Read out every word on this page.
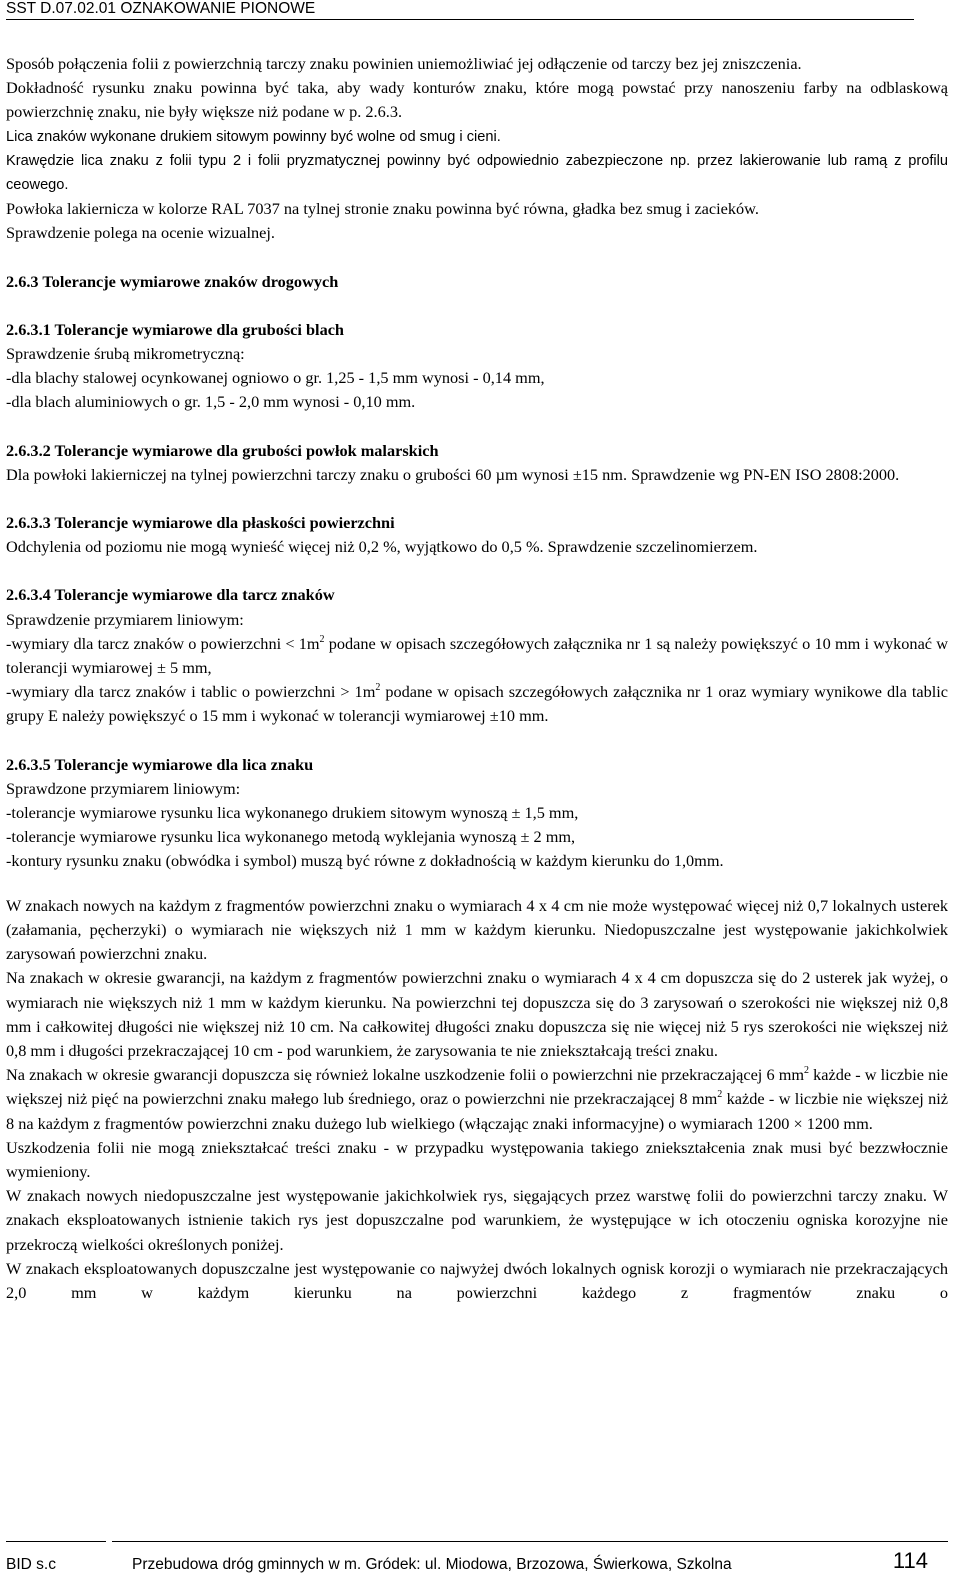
SST D.07.02.01 OZNAKOWANIE PIONOWE

Sposób połączenia folii z powierzchnią tarczy znaku powinien uniemożliwiać jej odłączenie od tarczy bez jej zniszczenia.

Dokładność rysunku znaku powinna być taka, aby wady konturów znaku, które mogą powstać przy nanoszeniu farby na odblaskową powierzchnię znaku, nie były większe niż podane w p. 2.6.3.

Lica znaków wykonane drukiem sitowym powinny być wolne od smug i cieni.

Krawędzie lica znaku z folii typu 2 i folii pryzmatycznej powinny być odpowiednio zabezpieczone np. przez lakierowanie lub ramą z profilu ceowego.

Powłoka lakiernicza w kolorze RAL 7037 na tylnej stronie znaku powinna być równa, gładka bez smug i zacieków.

Sprawdzenie polega na ocenie wizualnej.

2.6.3 Tolerancje wymiarowe znaków drogowych

2.6.3.1 Tolerancje wymiarowe dla grubości blach

Sprawdzenie śrubą mikrometryczną:

-dla blachy stalowej ocynkowanej ogniowo o gr. 1,25 - 1,5 mm wynosi - 0,14 mm,

-dla blach aluminiowych o gr. 1,5 - 2,0 mm wynosi - 0,10 mm.

2.6.3.2 Tolerancje wymiarowe dla grubości powłok malarskich

Dla powłoki lakierniczej na tylnej powierzchni tarczy znaku o grubości 60 µm wynosi ±15 nm. Sprawdzenie wg PN-EN ISO 2808:2000.

2.6.3.3 Tolerancje wymiarowe dla płaskości powierzchni

Odchylenia od poziomu nie mogą wynieść więcej niż 0,2 %, wyjątkowo do 0,5 %. Sprawdzenie szczelinomierzem.

2.6.3.4 Tolerancje wymiarowe dla tarcz znaków

Sprawdzenie przymiarem liniowym:

-wymiary dla tarcz znaków o powierzchni < $1m^2$ podane w opisach szczegółowych załącznika nr 1 są należy powiększyć o 10 mm i wykonać w tolerancji wymiarowej ± 5 mm,

-wymiary dla tarcz znaków i tablic o powierzchni > $1m^2$ podane w opisach szczegółowych załącznika nr 1 oraz wymiary wynikowe dla tablic grupy E należy powiększyć o 15 mm i wykonać w tolerancji wymiarowej ±10 mm.

2.6.3.5 Tolerancje wymiarowe dla lica znaku

Sprawdzone przymiarem liniowym:

-tolerancje wymiarowe rysunku lica wykonanego drukiem sitowym wynoszą ± 1,5 mm,

-tolerancje wymiarowe rysunku lica wykonanego metodą wyklejania wynoszą ± 2 mm,

-kontury rysunku znaku (obwódka i symbol) muszą być równe z dokładnością w każdym kierunku do 1,0mm.

W znakach nowych na każdym z fragmentów powierzchni znaku o wymiarach 4 x 4 cm nie może występować więcej niż 0,7 lokalnych usterek (załamania, pęcherzyki) o wymiarach nie większych niż 1 mm w każdym kierunku. Niedopuszczalne jest występowanie jakichkolwiek zarysowań powierzchni znaku.

Na znakach w okresie gwarancji, na każdym z fragmentów powierzchni znaku o wymiarach 4 x 4 cm dopuszcza się do 2 usterek jak wyżej, o wymiarach nie większych niż 1 mm w każdym kierunku. Na powierzchni tej dopuszcza się do 3 zarysowań o szerokości nie większej niż 0,8 mm i całkowitej długości nie większej niż 10 cm. Na całkowitej długości znaku dopuszcza się nie więcej niż 5 rys szerokości nie większej niż 0,8 mm i długości przekraczającej 10 cm - pod warunkiem, że zarysowania te nie zniekształcają treści znaku.

Na znakach w okresie gwarancji dopuszcza się również lokalne uszkodzenie folii o powierzchni nie przekraczającej 6 $mm^2$ każde - w liczbie nie większej niż pięć na powierzchni znaku małego lub średniego, oraz o powierzchni nie przekraczającej 8 $mm^2$ każde - w liczbie nie większej niż 8 na każdym z fragmentów powierzchni znaku dużego lub wielkiego (włączając znaki informacyjne) o wymiarach 1200 × 1200 mm.

Uszkodzenia folii nie mogą zniekształcać treści znaku - w przypadku występowania takiego zniekształcenia znak musi być bezzwłocznie wymieniony.

W znakach nowych niedopuszczalne jest występowanie jakichkolwiek rys, sięgających przez warstwę folii do powierzchni tarczy znaku. W znakach eksploatowanych istnienie takich rys jest dopuszczalne pod warunkiem, że występujące w ich otoczeniu ogniska korozyjne nie przekroczą wielkości określonych poniżej.

W znakach eksploatowanych dopuszczalne jest występowanie co najwyżej dwóch lokalnych ognisk korozji o wymiarach nie przekraczających 2,0 mm w każdym kierunku na powierzchni każdego z fragmentów znaku o

BID s.c	Przebudowa dróg gminnych w m. Gródek: ul. Miodowa, Brzozowa, Świerkowa, Szkolna	114
